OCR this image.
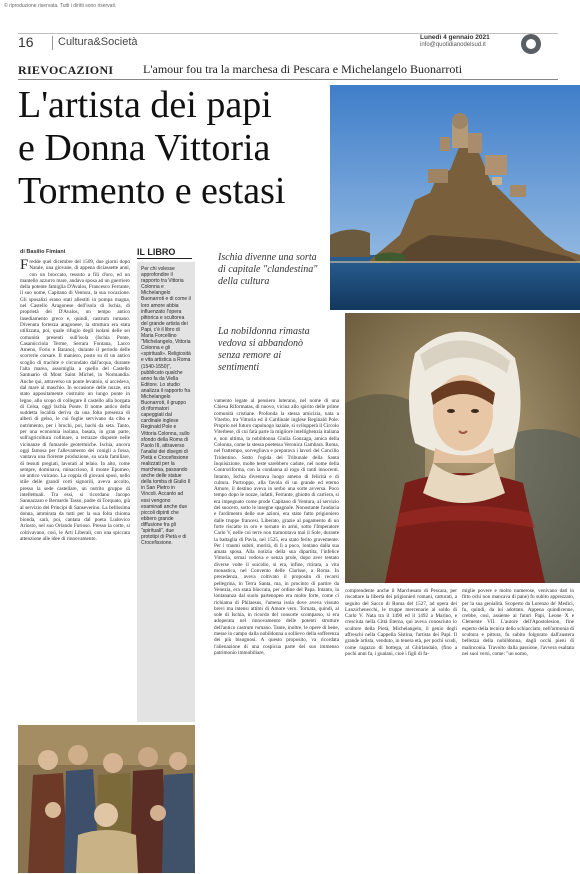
© riproduzione riservata. Tutti i diritti sono riservati.
16 Cultura&Società	Lunedì 4 gennaio 2021
info@quotidianodelsud.it
RIEVOCAZIONI L'amour fou tra la marchesa di Pescara e Michelangelo Buonarroti
L'artista dei papi
e Donna Vittoria
Tormento e estasi
di Basilio Fimiani
Fredde quel dicembre del 1509, due giorni dopo Natale, una giovane, di appena diciassette anni, con un broccato, tessuto a fili d'oro, ed un mantello azzurro mare, andava sposa ad un guerriero della potente famiglia D'Avalos, Francesco Ferrante, il suo nome, Capitano di Ventura, la sua vocazione. Gli sposalizi erano stati allestiti in pompa magna, nel Castello Aragonese dell'isola di Ischia, di proprietà dei D'Avalos, un tempo antico insediamento greco e, quindi, castrum romano. Divenuta fortezza aragonese, la struttura era stata utilizzata, poi, quale rifugio degli isolani delle sei comunità presenti sull'isola (Ischia Ponte, Casamicciola Terme, Serrara Fontana, Lacco Ameno, Forio e Barano), durante il periodo delle scorrerie corsare. Il maniero, posto su di un antico scoglio di trachite e circondato dall'acqua, durante l'alta marea, assomiglia a quello del Castello Santuario di Mont Saint Michel, in Normandia. Anche qui, attraverso un ponte levatoio, si accedeva, dal mare al maschio. In occasione delle nozze, era stato appositamente costruito un lungo ponte in legno, allo scopo di collegare il castello alla borgata di Celsa, oggi Ischia Ponte. Il nome antico della suddetta località deriva da una folta presenza di alberi di gelso, le cui foglie servivano da cibo e nutrimento, per i bruchi, poi, bachi da seta. Tanto, per una economia isolana, basata, in gran parte, sull'agricoltura collinare, a terrazze disposte nelle vicinanze di fumarole geotermiche. Ischia, ancora oggi famosa per l'allevamento dei conigli a fossa, vantava una fiorente produzione, su scala familiare, di tessuti pregiati, lavorati al telaio. In alto, come sempre, dominava, minaccioso, il monte Epomeo, un antico vulcano. La coppia di giovani sposi, nello stile delle grandi corti signorili, aveva accolto, presso la sede castellare, un nutrito gruppo di intellettuali. Tra essi, si ricordano Jacopo Sannazzaro e Bernardo Tasso, padre di Torquato, già al servizio dei Principi di Sanseverino. La bellissima donna, ammirata da tutti per la sua folta chioma bionda, sarà, poi, cantata dal poeta Ludovico Ariosto, nel suo Orlando Furioso. Presso la corte, si coltivavano, così, le Arti Liberali, con una spiccata attenzione alle idee di rinnovamento.
IL LIBRO
Per chi volesse approfondire il rapporto tra Vittoria Colonna e Michelangelo Buonarroti e di come il loro amore abbia influenzato l'opera pittorica e scultorea del grande artista dei Papi, c'è il libro di Maria Forcellino "Michelangelo, Vittoria Colonna e gli «spirituali». Religiosità e vita artistica a Roma (1540-1550)", pubblicato qualche anno fa da Viella Editore. Lo studio analizza il rapporto fra Michelangelo Buonarroti, il gruppo di riformatori capeggiati dal cardinale inglese Reginald Pole e Vittoria Colonna, sullo sfondo della Roma di Paolo III, attraverso l'analisi dei disegni di Pietà e Crocefissione realizzati per la marchesa, passando anche delle statue della tomba di Giulio II in San Pietro in Vincoli. Accanto ad essi vengono esaminati anche due piccoli dipinti che ebbero grande diffusione fra gli "spirituali", due prototipi di Pietà e di Crocefissione.
Ischia divenne una sorta di capitale "clandestina" della cultura
La nobildonna rimasta vedova si abbandonò senza remore ai sentimenti
vamento legate al pensiero luterano, nel nome di una Chiesa Riformatas, di nuovo, vicina allo spirito delle prime comunità cristiane. Profonda la stessa amicizia, nata a Viterbo, tra Vittoria ed il Cardinale inglese Reginald Pole. Proprio nel futuro capoluogo laziale, si svilupperà il Circolo Viterbese, di cui farà parte la migliore intellighenzia italiana e, non ultima, la nobildonna Giulia Gonzaga, amica della Colonna, come la stessa poetessa Veronica Gambara. Roma, nel frattempo, sorvegliava e preparava i lavori del Concilio Tridentino. Sotto l'egida del Tribunale della Santa Inquisizione, molte teste sarebbero cadute, nel nome della Controriforma, con la condanna al rogo di tanti innocenti. Intanto, Ischia diventava luogo ameno di felicità e di cultura. Purtroppo, alla favola di un grande ed eterno Amore, il destino aveva in serbo una sorte avversa. Poco tempo dopo le nozze, infatti, Ferrante, ghiotto di carriera, si era impegnato come prode Capitano di Ventura, al servizio del suocero, sotto le insegne spagnole. Nonostante l'audacia e l'ardimento delle sue azioni, era stato fatto prigioniero dalle truppe francesi. Liberato, grazie al pagamento di un forte riscatto in oro e tornato in armi, sotto l'Imperatore Carlo V, nelle cui terre non tramontava mai il Sole, durante la battaglia di Pavia, nel 1525, era stato ferito gravemente. Per i traumi subiti, morirà, di lì a poco, lontano dalla sua amata sposa. Alla notizia della sua dipartita, l'infelice Vittoria, ormai vedova e senza prole, dopo aver tentato diverse volte il suicidio, si era, infine, ritirata, a vita monastica, nel Convento delle Clarisse, a Roma. In precedenza, aveva coltivato il proposito di recarsi pellegrina, in Terra Santa, ma, in procinto di partire da Venezia, era stata bloccata, per ordine del Papa. Intanto, la lontananza dal suolo partenopeo era molto forte, come ci richiama di Philaesus, l'amena isola dove aveva vissuto brevi ma intensi attimi di Amore vero. Tornata, quindi, al sole di Ischia, in ricordo del consorte scomparso, si era adoperata nel rinnovamento delle potenti strutture dell'antico castrum romano. Tante, inoltre, le opere di bene, messe in campo dalla nobildonna a sollievo della sofferenza dei più bisognosi. A questo proposito, va ricordata l'alienazione di una cospicua parte del suo immenso patrimonio immobiliare,
comprendente anche il Marchesato di Pescara, per riscattare la libertà dei prigionieri romani, catturati, a seguito del Sacco di Roma del 1527, ad opera dei Lanzichenecchi, le truppe mercenarie al soldo di Carlo V. Nata tra il 1490 ed il 1492 a Marino, e cresciuta nella Città Eterna, qui aveva conosciuto lo scultore della Pietà, Michelangelo, il genio degli affreschi nella Cappella Sistina, l'artista dei Papi. Il grande artista, venduto, in tenera età, per pochi scudi, come ragazzo di bottega, al Ghirlandaio, (fino a pochi anni fa, i gualani, cioè i figli di fa-
miglie povere e molto numerose, venivano dati in fitto ochi non mancava di pane) fu subito apprezzato, per la sua genialità. Scoperto da Lorenzo de' Medici, fu, quindi, da lui adottato. Appena quindicenne, crebbe, così, assieme ai futuri Papi, Leone X e Clemente VII. L'autore dell'Apostolesion, fine esperto della tecnica dello schiacciato, nell'armonia di scultura e pittura, fu subito folgorato dall'austera bellezza della nobildonna, dagli occhi pieni di malinconia. Travolto dalla passione, l'avvera esaltata nei suoi versi, come: "un uomo,
